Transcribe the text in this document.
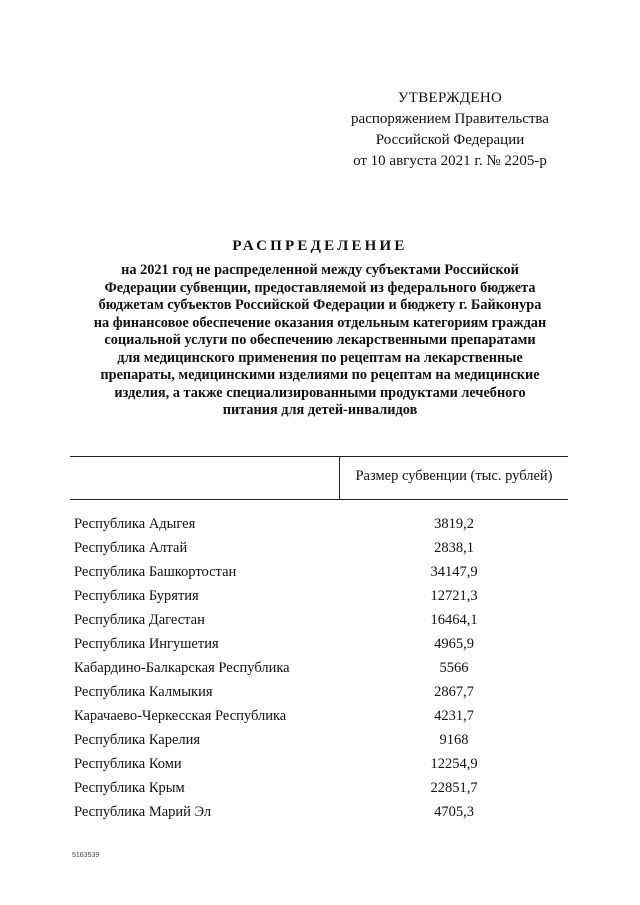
УТВЕРЖДЕНО
распоряжением Правительства
Российской Федерации
от 10 августа 2021 г. № 2205-р
РАСПРЕДЕЛЕНИЕ
на 2021 год не распределенной между субъектами Российской
Федерации субвенции, предоставляемой из федерального бюджета
бюджетам субъектов Российской Федерации и бюджету г. Байконура
на финансовое обеспечение оказания отдельным категориям граждан
социальной услуги по обеспечению лекарственными препаратами
для медицинского применения по рецептам на лекарственные
препараты, медицинскими изделиями по рецептам на медицинские
изделия, а также специализированными продуктами лечебного
питания для детей-инвалидов
Размер субвенции (тыс. рублей)
Республика Адыгея	3819,2
Республика Алтай	2838,1
Республика Башкортостан	34147,9
Республика Бурятия	12721,3
Республика Дагестан	16464,1
Республика Ингушетия	4965,9
Кабардино-Балкарская Республика	5566
Республика Калмыкия	2867,7
Карачаево-Черкесская Республика	4231,7
Республика Карелия	9168
Республика Коми	12254,9
Республика Крым	22851,7
Республика Марий Эл	4705,3
5163539
